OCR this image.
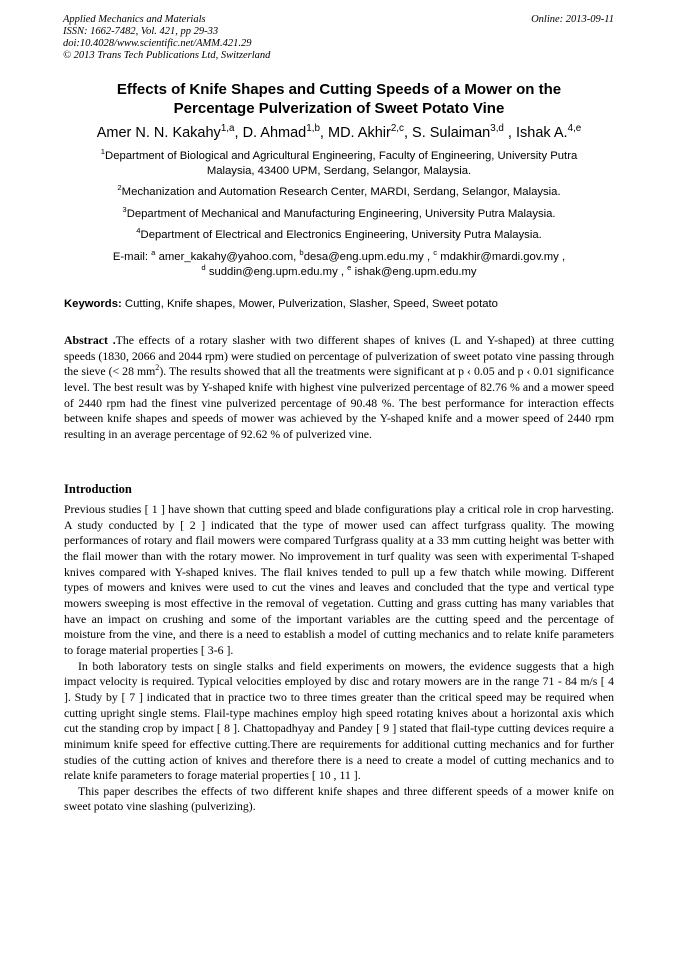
Applied Mechanics and Materials
ISSN: 1662-7482, Vol. 421, pp 29-33
doi:10.4028/www.scientific.net/AMM.421.29
© 2013 Trans Tech Publications Ltd, Switzerland
Online: 2013-09-11
Effects of Knife Shapes and Cutting Speeds of a Mower on the
Percentage Pulverization of Sweet Potato Vine
Amer N. N. Kakahy$^{1,a}$, D. Ahmad$^{1,b}$, MD. Akhir$^{2,c}$, S. Sulaiman$^{3,d}$ , Ishak A.$^{4,e}$
$^1$Department of Biological and Agricultural Engineering, Faculty of Engineering, University Putra
Malaysia, 43400 UPM, Serdang, Selangor, Malaysia.
$^2$Mechanization and Automation Research Center, MARDI, Serdang, Selangor, Malaysia.
$^3$Department of Mechanical and Manufacturing Engineering, University Putra Malaysia.
$^4$Department of Electrical and Electronics Engineering, University Putra Malaysia.
E-mail: $^a$ amer_kakahy@yahoo.com, $^b$desa@eng.upm.edu.my , $^c$ mdakhir@mardi.gov.my ,
$^d$ suddin@eng.upm.edu.my , $^e$ ishak@eng.upm.edu.my
Keywords: Cutting, Knife shapes, Mower, Pulverization, Slasher, Speed, Sweet potato

Abstract .The effects of a rotary slasher with two different shapes of knives (L and Y-shaped) at three cutting speeds (1830, 2066 and 2044 rpm) were studied on percentage of pulverization of sweet potato vine passing through the sieve (< 28 $mm^2$). The results showed that all the treatments were significant at p ‹ 0.05 and p ‹ 0.01 significance level. The best result was by Y-shaped knife with highest vine pulverized percentage of 82.76 % and a mower speed of 2440 rpm had the finest vine pulverized percentage of 90.48 %. The best performance for interaction effects between knife shapes and speeds of mower was achieved by the Y-shaped knife and a mower speed of 2440 rpm resulting in an average percentage of 92.62 % of pulverized vine.

Introduction

Previous studies [ 1 ] have shown that cutting speed and blade configurations play a critical role in crop harvesting. A study conducted by [ 2 ] indicated that the type of mower used can affect turfgrass quality. The mowing performances of rotary and flail mowers were compared Turfgrass quality at a 33 mm cutting height was better with the flail mower than with the rotary mower. No improvement in turf quality was seen with experimental T-shaped knives compared with Y-shaped knives. The flail knives tended to pull up a few thatch while mowing. Different types of mowers and knives were used to cut the vines and leaves and concluded that the type and vertical type mowers sweeping is most effective in the removal of vegetation. Cutting and grass cutting has many variables that have an impact on crushing and some of the important variables are the cutting speed and the percentage of moisture from the vine, and there is a need to establish a model of cutting mechanics and to relate knife parameters to forage material properties [ 3-6 ].

In both laboratory tests on single stalks and field experiments on mowers, the evidence suggests that a high impact velocity is required. Typical velocities employed by disc and rotary mowers are in the range 71 - 84 m/s [ 4 ]. Study by [ 7 ] indicated that in practice two to three times greater than the critical speed may be required when cutting upright single stems. Flail-type machines employ high speed rotating knives about a horizontal axis which cut the standing crop by impact [ 8 ]. Chattopadhyay and Pandey [ 9 ] stated that flail-type cutting devices require a minimum knife speed for effective cutting.There are requirements for additional cutting mechanics and for further studies of the cutting action of knives and therefore there is a need to create a model of cutting mechanics and to relate knife parameters to forage material properties [ 10 , 11 ].

This paper describes the effects of two different knife shapes and three different speeds of a mower knife on sweet potato vine slashing (pulverizing).
